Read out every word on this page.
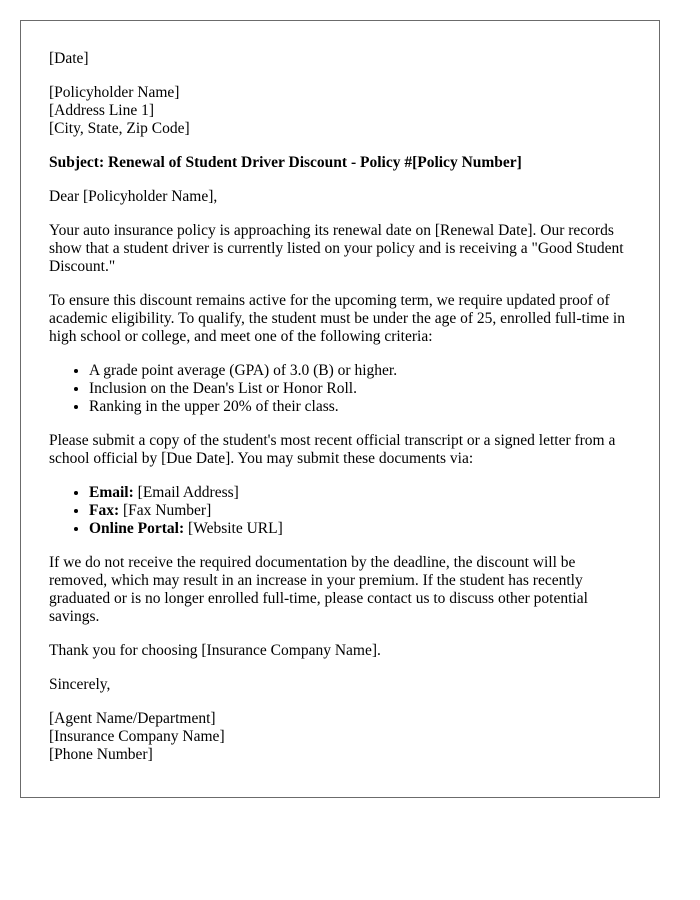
[Date]
[Policyholder Name]
[Address Line 1]
[City, State, Zip Code]

Subject: Renewal of Student Driver Discount - Policy #[Policy Number]

Dear [Policyholder Name],

Your auto insurance policy is approaching its renewal date on [Renewal Date]. Our records show that a student driver is currently listed on your policy and is receiving a "Good Student Discount."

To ensure this discount remains active for the upcoming term, we require updated proof of academic eligibility. To qualify, the student must be under the age of 25, enrolled full-time in high school or college, and meet one of the following criteria:

• A grade point average (GPA) of 3.0 (B) or higher.
• Inclusion on the Dean's List or Honor Roll.
• Ranking in the upper 20% of their class.

Please submit a copy of the student's most recent official transcript or a signed letter from a school official by [Due Date]. You may submit these documents via:

• Email: [Email Address]
• Fax: [Fax Number]
• Online Portal: [Website URL]

If we do not receive the required documentation by the deadline, the discount will be removed, which may result in an increase in your premium. If the student has recently graduated or is no longer enrolled full-time, please contact us to discuss other potential savings.

Thank you for choosing [Insurance Company Name].

Sincerely,

[Agent Name/Department]
[Insurance Company Name]
[Phone Number]
